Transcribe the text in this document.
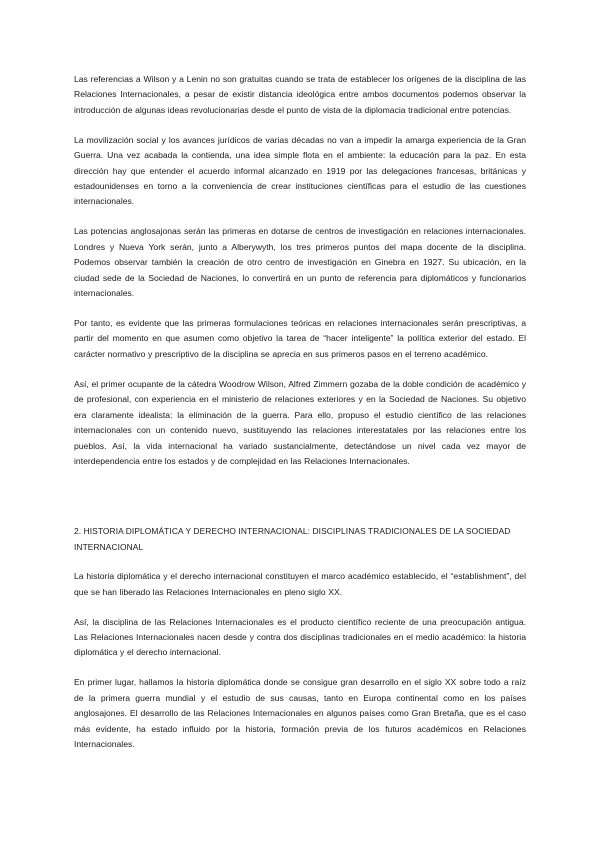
Las referencias a Wilson y a Lenin no son gratuitas cuando se trata de establecer los orígenes de la disciplina de las Relaciones Internacionales, a pesar de existir distancia ideológica entre ambos documentos podemos observar la introducción de algunas ideas revolucionarias desde el punto de vista de la diplomacia tradicional entre potencias.

La movilización social y los avances jurídicos de varias décadas no van a impedir la amarga experiencia de la Gran Guerra. Una vez acabada la contienda, una idea simple flota en el ambiente: la educación para la paz. En esta dirección hay que entender el acuerdo informal alcanzado en 1919 por las delegaciones francesas, británicas y estadounidenses en torno a la conveniencia de crear instituciones científicas para el estudio de las cuestiones internacionales.

Las potencias anglosajonas serán las primeras en dotarse de centros de investigación en relaciones internacionales. Londres y Nueva York serán, junto a Alberywyth, los tres primeros puntos del mapa docente de la disciplina. Podemos observar también la creación de otro centro de investigación en Ginebra en 1927. Su ubicación, en la ciudad sede de la Sociedad de Naciones, lo convertirá en un punto de referencia para diplomáticos y funcionarios internacionales.

Por tanto, es evidente que las primeras formulaciones teóricas en relaciones internacionales serán prescriptivas, a partir del momento en que asumen como objetivo la tarea de “hacer inteligente” la política exterior del estado. El carácter normativo y prescriptivo de la disciplina se aprecia en sus primeros pasos en el terreno académico.

Así, el primer ocupante de la cátedra Woodrow Wilson, Alfred Zimmern gozaba de la doble condición de académico y de profesional, con experiencia en el ministerio de relaciones exteriores y en la Sociedad de Naciones. Su objetivo era claramente idealista: la eliminación de la guerra. Para ello, propuso el estudio científico de las relaciones internacionales con un contenido nuevo, sustituyendo las relaciones interestatales por las relaciones entre los pueblos. Así, la vida internacional ha variado sustancialmente, detectándose un nivel cada vez mayor de interdependencia entre los estados y de complejidad en las Relaciones Internacionales.

2. HISTORIA DIPLOMÁTICA Y DERECHO INTERNACIONAL: DISCIPLINAS TRADICIONALES DE LA SOCIEDAD INTERNACIONAL

La historia diplomática y el derecho internacional constituyen el marco académico establecido, el “establishment”, del que se han liberado las Relaciones Internacionales en pleno siglo XX.

Así, la disciplina de las Relaciones Internacionales es el producto científico reciente de una preocupación antigua. Las Relaciones Internacionales nacen desde y contra dos disciplinas tradicionales en el medio académico: la historia diplomática y el derecho internacional.

En primer lugar, hallamos la historia diplomática donde se consigue gran desarrollo en el siglo XX sobre todo a raíz de la primera guerra mundial y el estudio de sus causas, tanto en Europa continental como en los países anglosajones. El desarrollo de las Relaciones Internacionales en algunos países como Gran Bretaña, que es el caso más evidente, ha estado influido por la historia, formación previa de los futuros académicos en Relaciones Internacionales.
